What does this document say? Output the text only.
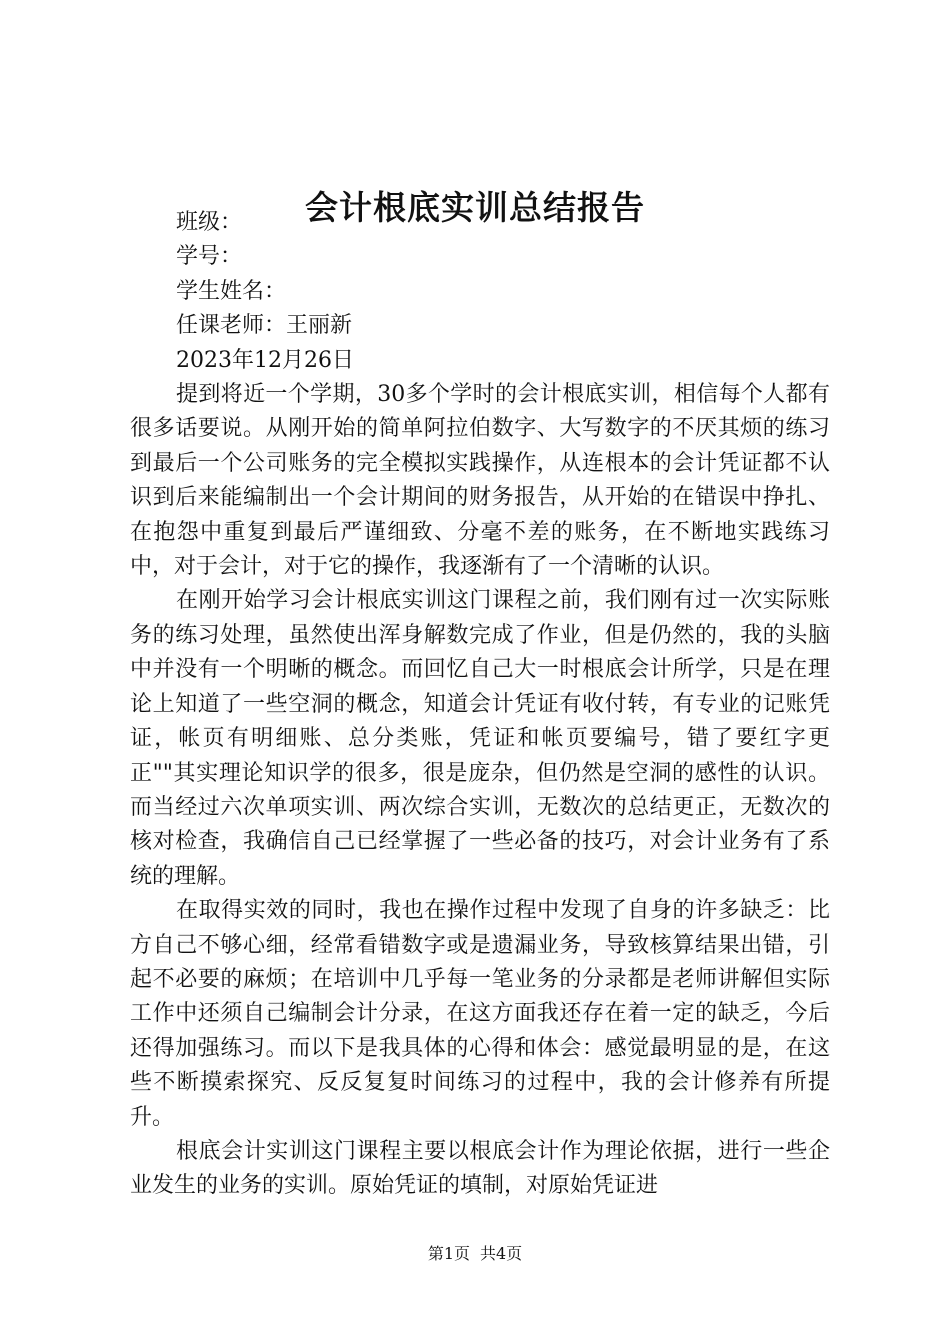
会计根底实训总结报告

班级：

学号：

学生姓名：

任课老师：王丽新

2023年12月26日

提到将近一个学期，30多个学时的会计根底实训，相信每个人都有很多话要说。从刚开始的简单阿拉伯数字、大写数字的不厌其烦的练习到最后一个公司账务的完全模拟实践操作，从连根本的会计凭证都不认识到后来能编制出一个会计期间的财务报告，从开始的在错误中挣扎、在抱怨中重复到最后严谨细致、分毫不差的账务，在不断地实践练习中，对于会计，对于它的操作，我逐渐有了一个清晰的认识。

在刚开始学习会计根底实训这门课程之前，我们刚有过一次实际账务的练习处理，虽然使出浑身解数完成了作业，但是仍然的，我的头脑中并没有一个明晰的概念。而回忆自己大一时根底会计所学，只是在理论上知道了一些空洞的概念，知道会计凭证有收付转，有专业的记账凭证，帐页有明细账、总分类账，凭证和帐页要编号，错了要红字更正""其实理论知识学的很多，很是庞杂，但仍然是空洞的感性的认识。而当经过六次单项实训、两次综合实训，无数次的总结更正，无数次的核对检查，我确信自己已经掌握了一些必备的技巧，对会计业务有了系统的理解。

在取得实效的同时，我也在操作过程中发现了自身的许多缺乏：比方自己不够心细，经常看错数字或是遗漏业务，导致核算结果出错，引起不必要的麻烦；在培训中几乎每一笔业务的分录都是老师讲解但实际工作中还须自己编制会计分录，在这方面我还存在着一定的缺乏，今后还得加强练习。而以下是我具体的心得和体会：感觉最明显的是，在这些不断摸索探究、反反复复时间练习的过程中，我的会计修养有所提升。

根底会计实训这门课程主要以根底会计作为理论依据，进行一些企业发生的业务的实训。原始凭证的填制，对原始凭证进

第1页 共4页
